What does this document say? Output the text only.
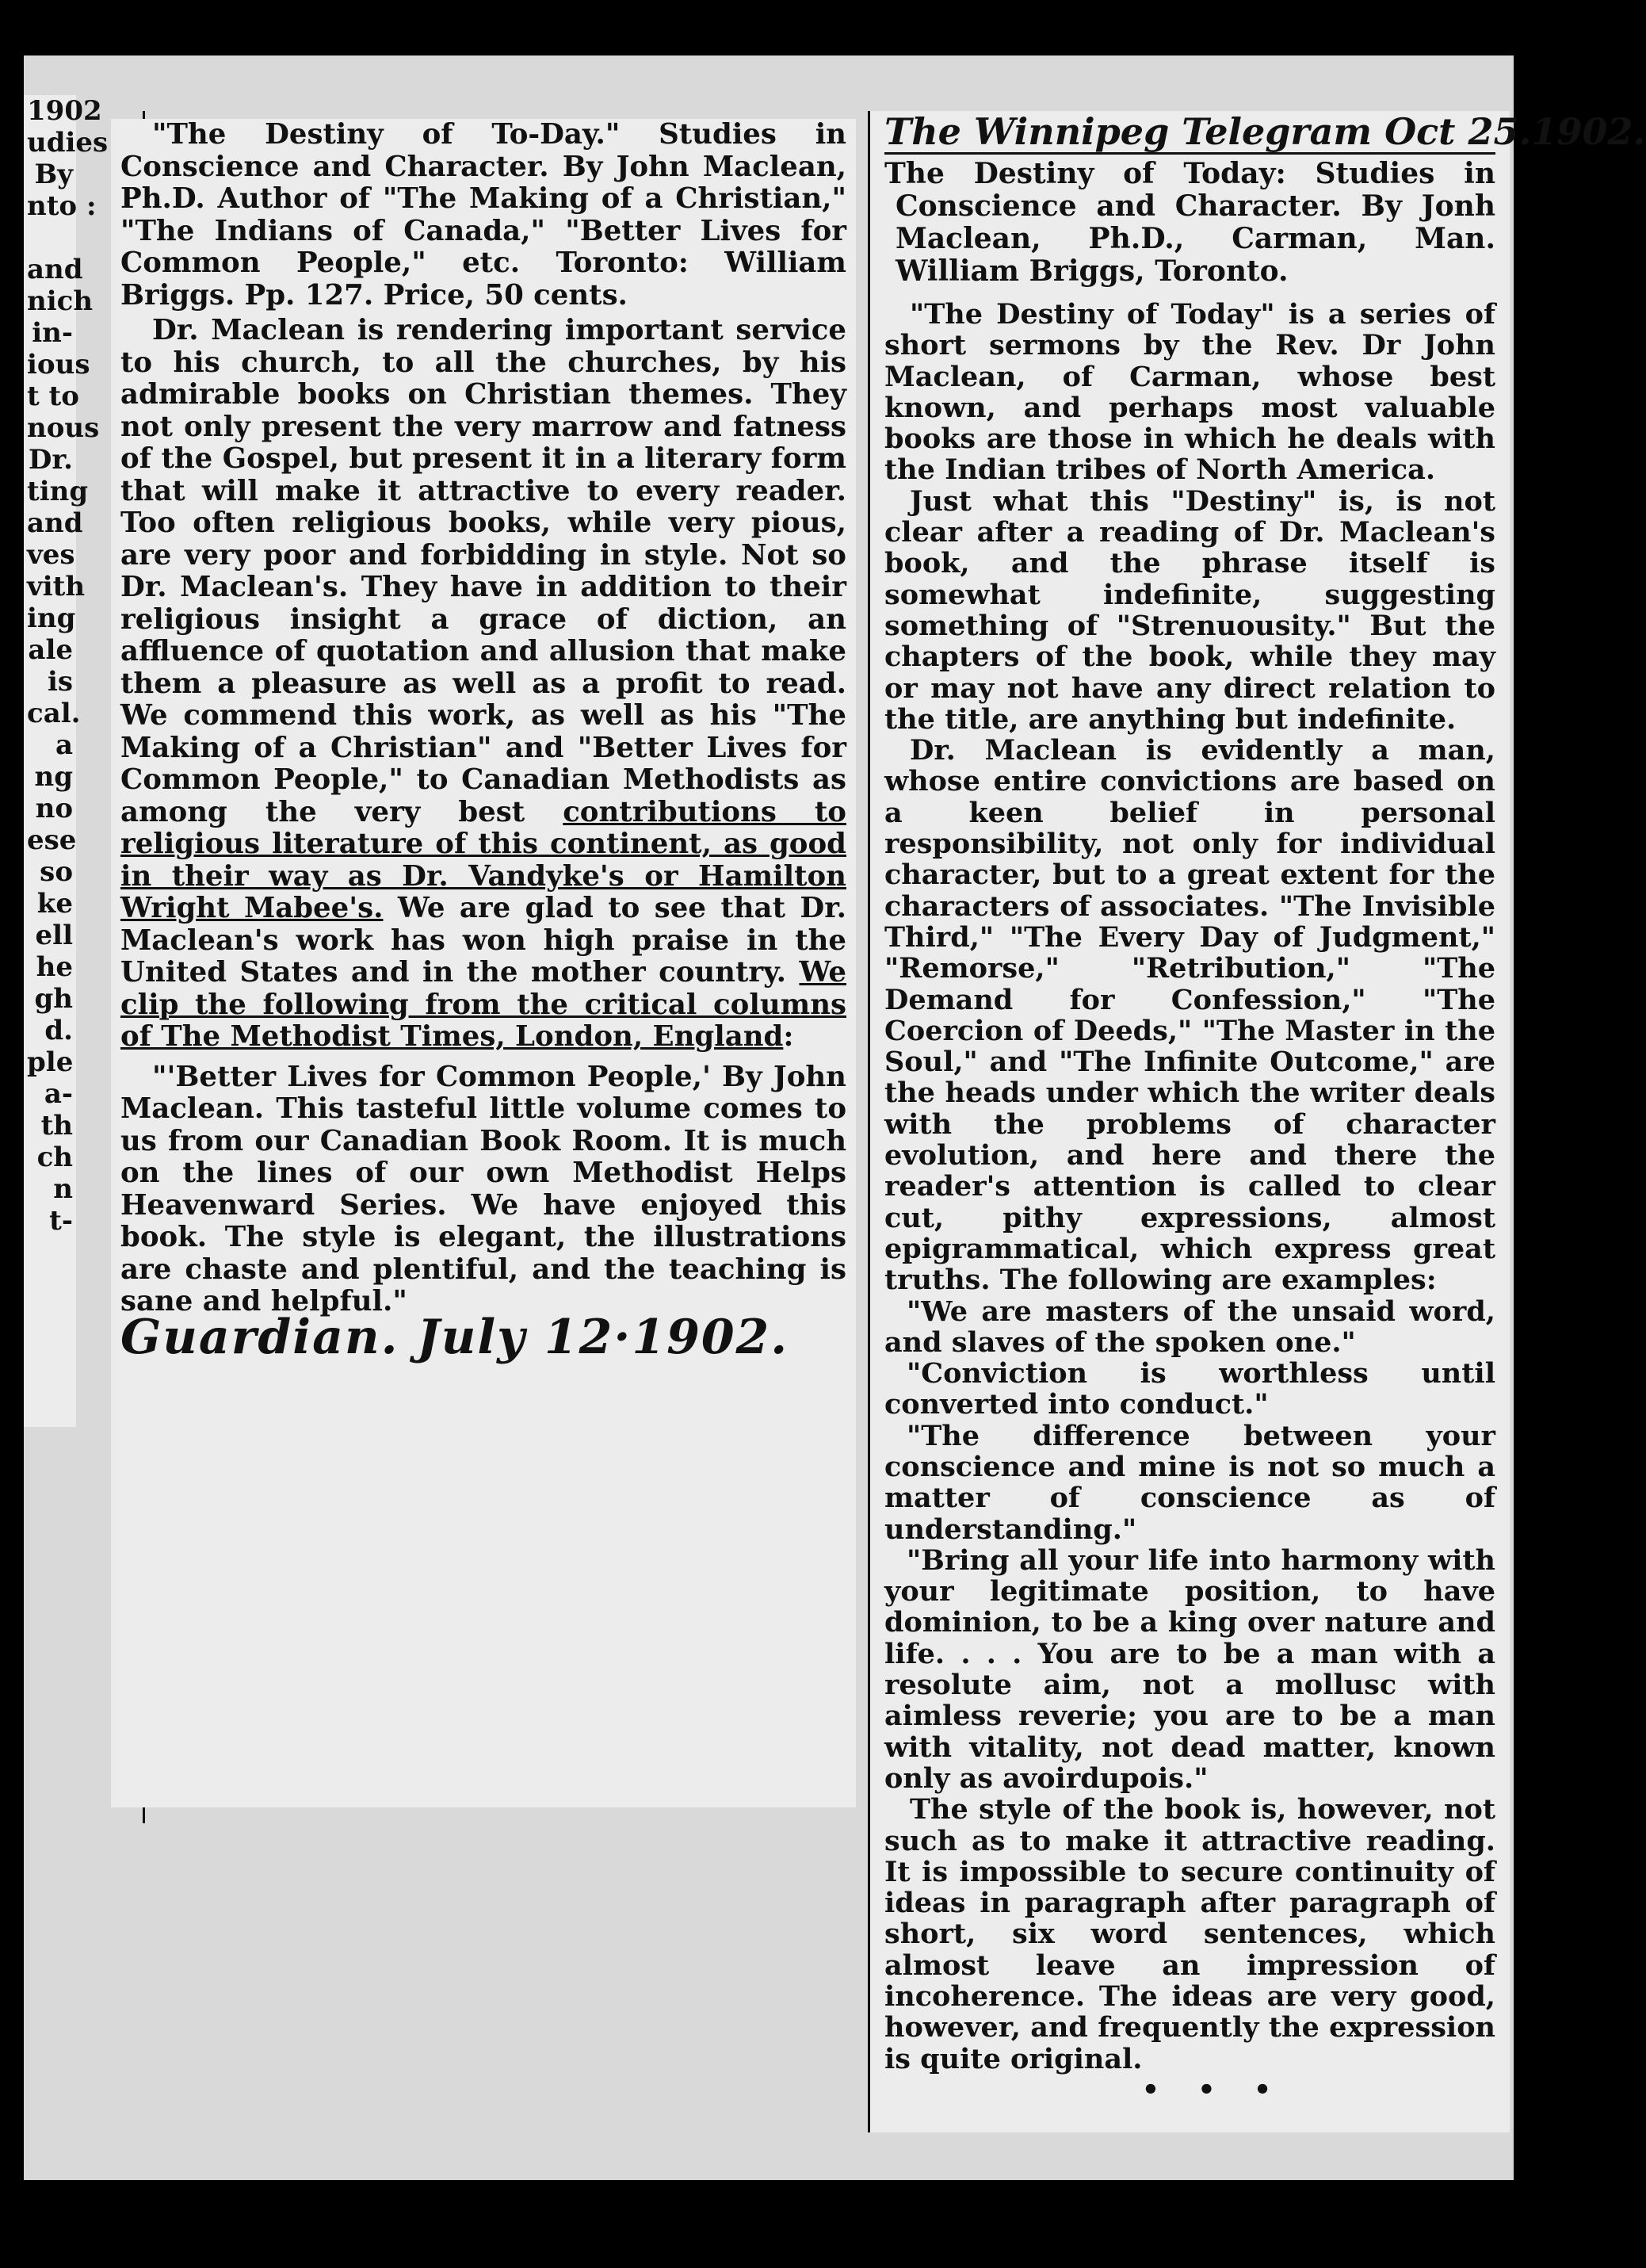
1902
udies
By
nto :

and
nich
in-
ious
t to
nous
Dr.
ting
and
ves
vith
ing
ale
is
cal.
a
ng
no
ese
so
ke
ell
he
gh
d.
ple
a-
th
ch
n
t-

"The Destiny of To-Day." Studies in Conscience and Character. By John Maclean, Ph.D. Author of "The Making of a Christian," "The Indians of Canada," "Better Lives for Common People," etc. Toronto: William Briggs. Pp. 127. Price, 50 cents.

Dr. Maclean is rendering important service to his church, to all the churches, by his admirable books on Christian themes. They not only present the very marrow and fatness of the Gospel, but present it in a literary form that will make it attractive to every reader. Too often religious books, while very pious, are very poor and forbidding in style. Not so Dr. Maclean's. They have in addition to their religious insight a grace of diction, an affluence of quotation and allusion that make them a pleasure as well as a profit to read. We commend this work, as well as his "The Making of a Christian" and "Better Lives for Common People," to Canadian Methodists as among the very best contributions to religious literature of this continent, as good in their way as Dr. Vandyke's or Hamilton Wright Mabee's. We are glad to see that Dr. Maclean's work has won high praise in the United States and in the mother country. We clip the following from the critical columns of The Methodist Times, London, England:

"'Better Lives for Common People,' By John Maclean. This tasteful little volume comes to us from our Canadian Book Room. It is much on the lines of our own Methodist Helps Heavenward Series. We have enjoyed this book. The style is elegant, the illustrations are chaste and plentiful, and the teaching is sane and helpful."

Guardian. July 12·1902.
The Winnipeg Telegram Oct 25.1902.

The Destiny of Today: Studies in Conscience and Character. By Jonh Maclean, Ph.D., Carman, Man. William Briggs, Toronto.

"The Destiny of Today" is a series of short sermons by the Rev. Dr John Maclean, of Carman, whose best known, and perhaps most valuable books are those in which he deals with the Indian tribes of North America.

Just what this "Destiny" is, is not clear after a reading of Dr. Maclean's book, and the phrase itself is somewhat indefinite, suggesting something of "Strenuousity." But the chapters of the book, while they may or may not have any direct relation to the title, are anything but indefinite.

Dr. Maclean is evidently a man, whose entire convictions are based on a keen belief in personal responsibility, not only for individual character, but to a great extent for the characters of associates. "The Invisible Third," "The Every Day of Judgment," "Remorse," "Retribution," "The Demand for Confession," "The Coercion of Deeds," "The Master in the Soul," and "The Infinite Outcome," are the heads under which the writer deals with the problems of character evolution, and here and there the reader's attention is called to clear cut, pithy expressions, almost epigrammatical, which express great truths. The following are examples:

"We are masters of the unsaid word, and slaves of the spoken one."

"Conviction is worthless until converted into conduct."

"The difference between your conscience and mine is not so much a matter of conscience as of understanding."

"Bring all your life into harmony with your legitimate position, to have dominion, to be a king over nature and life. . . . You are to be a man with a resolute aim, not a mollusc with aimless reverie; you are to be a man with vitality, not dead matter, known only as avoirdupois."

The style of the book is, however, not such as to make it attractive reading. It is impossible to secure continuity of ideas in paragraph after paragraph of short, six word sentences, which almost leave an impression of incoherence. The ideas are very good, however, and frequently the expression is quite original.

• • •
